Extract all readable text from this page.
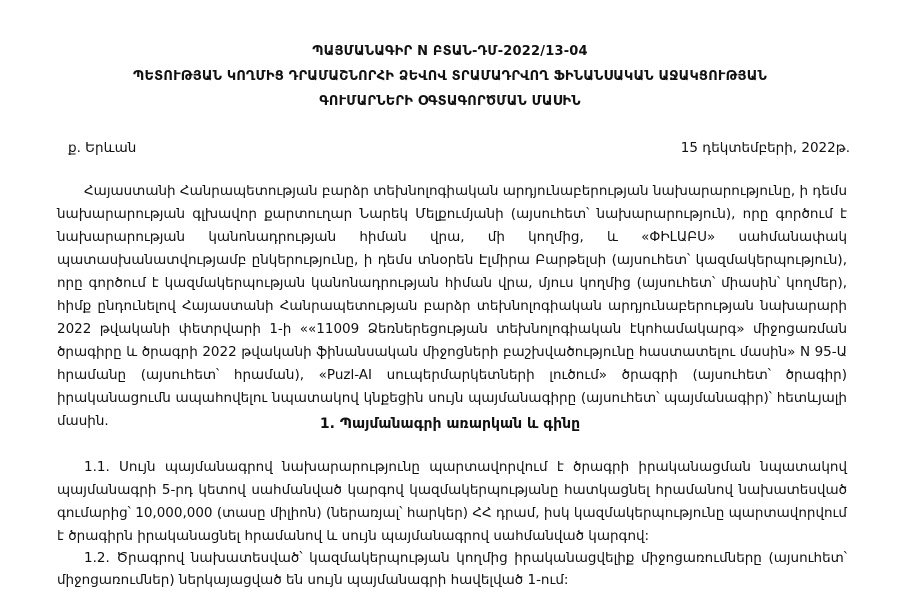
ՊԱՅՄԱՆԱԳԻՐ N ԲՏԱՆ-ԴՄ-2022/13-04
ՊԵՏՈՒԹՅԱՆ ԿՈՂՄԻՑ ԴՐԱՄԱՇՆՈՐՀԻ ՁԵՎՈՎ ՏՐԱՄԱԴՐՎՈՂ ՖԻՆԱՆՍԱԿԱՆ ԱՋԱԿՑՈՒԹՅԱՆ
ԳՈՒՄԱՐՆԵՐԻ ՕԳՏԱԳՈՐԾՄԱՆ ՄԱՍԻՆ
ք. Երևան	15 դեկտեմբերի, 2022թ.
Հայաստանի Հանրապետության բարձր տեխնոլոգիական արդյունաբերության նախարարությունը, ի դեմս
նախարարության գլխավոր քարտուղար Նարեկ Մելքումյանի (այսուհետ՝ նախարարություն), որը գործում է
նախարարության կանոնադրության հիման վրա, մի կողմից, և «ՓԻԼԱԲՍ» սահմանափակ
պատասխանատվությամբ ընկերությունը, ի դեմս տնօրեն Էլմիրա Բարթելսի (այսուհետ՝ կազմակերպություն),
որը գործում է կազմակերպության կանոնադրության հիման վրա, մյուս կողմից (այսուհետ՝ միասին՝ կողմեր),
հիմք ընդունելով Հայաստանի Հանրապետության բարձր տեխնոլոգիական արդյունաբերության նախարարի
2022 թվականի փետրվարի 1-ի ««11009 Ձեռներեցության տեխնոլոգիական էկոհամակարգ» միջոցառման
ծրագիրը և ծրագրի 2022 թվականի ֆինանսական միջոցների բաշխվածությունը հաստատելու մասին» N 95-Ա
հրամանը (այսուհետ՝ հրաման), «Puzl-AI սուպերմարկետների լուծում» ծրագրի (այսուհետ՝ ծրագիր)
իրականացումն ապահովելու նպատակով կնքեցին սույն պայմանագիրը (այսուհետ՝ պայմանագիր)՝ հետևյալի
մասին.	1. Պայմանագրի առարկան և գինը
1.1. Սույն պայմանագրով նախարարությունը պարտավորվում է ծրագրի իրականացման նպատակով
պայմանագրի 5-րդ կետով սահմանված կարգով կազմակերպությանը հատկացնել հրամանով նախատեսված
գումարից՝ 10,000,000 (տասը միլիոն) (ներառյալ՝ հարկեր) ՀՀ դրամ, իսկ կազմակերպությունը պարտավորվում
է ծրագիրն իրականացնել հրամանով և սույն պայմանագրով սահմանված կարգով:
1.2. Ծրագրով նախատեսված՝ կազմակերպության կողմից իրականացվելիք միջոցառումները (այսուհետ՝
միջոցառումներ) ներկայացված են սույն պայմանագրի հավելված 1-ում:
